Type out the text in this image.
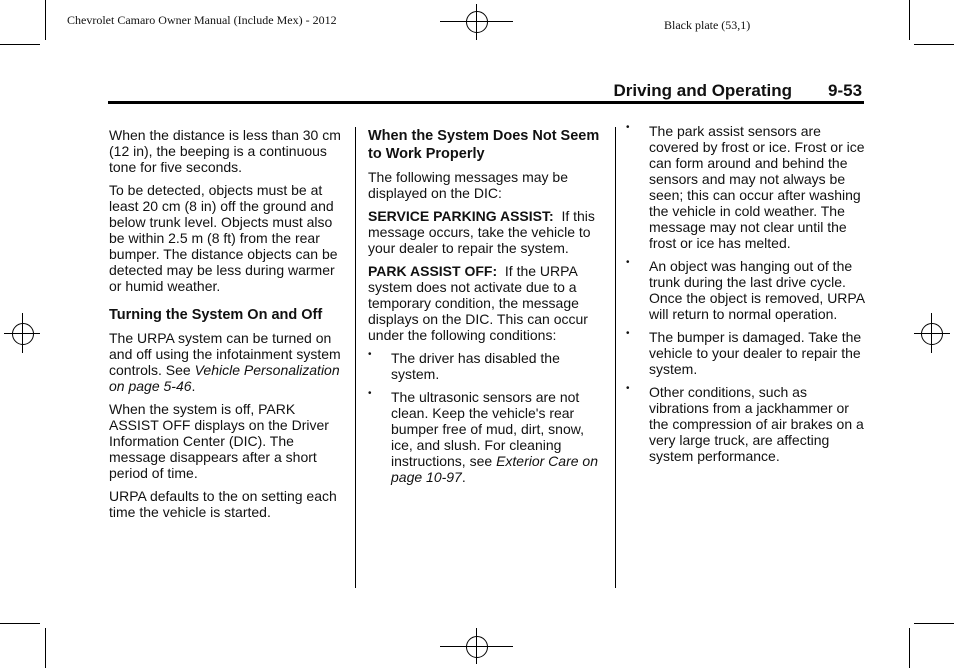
Chevrolet Camaro Owner Manual (Include Mex) - 2012	Black plate (53,1)
Driving and Operating 9-53

When the distance is less than 30 cm (12 in), the beeping is a continuous tone for five seconds.

To be detected, objects must be at least 20 cm (8 in) off the ground and below trunk level. Objects must also be within 2.5 m (8 ft) from the rear bumper. The distance objects can be detected may be less during warmer or humid weather.

Turning the System On and Off

The URPA system can be turned on and off using the infotainment system controls. See Vehicle Personalization on page 5-46.

When the system is off, PARK ASSIST OFF displays on the Driver Information Center (DIC). The message disappears after a short period of time.

URPA defaults to the on setting each time the vehicle is started.

When the System Does Not Seem to Work Properly

The following messages may be displayed on the DIC:

SERVICE PARKING ASSIST:  If this message occurs, take the vehicle to your dealer to repair the system.

PARK ASSIST OFF:  If the URPA system does not activate due to a temporary condition, the message displays on the DIC. This can occur under the following conditions:

• The driver has disabled the system.
• The ultrasonic sensors are not clean. Keep the vehicle's rear bumper free of mud, dirt, snow, ice, and slush. For cleaning instructions, see Exterior Care on page 10-97.
• The park assist sensors are covered by frost or ice. Frost or ice can form around and behind the sensors and may not always be seen; this can occur after washing the vehicle in cold weather. The message may not clear until the frost or ice has melted.
• An object was hanging out of the trunk during the last drive cycle. Once the object is removed, URPA will return to normal operation.
• The bumper is damaged. Take the vehicle to your dealer to repair the system.
• Other conditions, such as vibrations from a jackhammer or the compression of air brakes on a very large truck, are affecting system performance.
